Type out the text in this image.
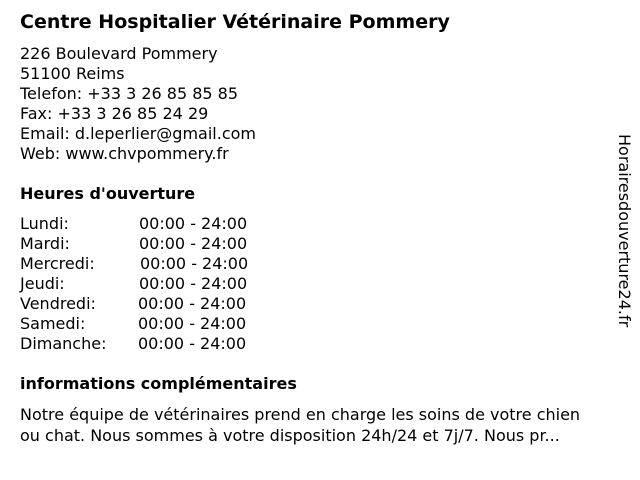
Centre Hospitalier Vétérinaire Pommery
226 Boulevard Pommery
51100 Reims
Telefon: +33 3 26 85 85 85
Fax: +33 3 26 85 24 29
Email: d.leperlier@gmail.com
Web: www.chvpommery.fr
Heures d'ouverture
Lundi:	00:00 - 24:00
Mardi:	00:00 - 24:00
Mercredi:	00:00 - 24:00
Jeudi:	00:00 - 24:00
Vendredi:	00:00 - 24:00
Samedi:	00:00 - 24:00
Dimanche: 00:00 - 24:00
informations complémentaires
Notre équipe de vétérinaires prend en charge les soins de votre chien
ou chat. Nous sommes à votre disposition 24h/24 et 7j/7. Nous pr...
Horairesdouverture24.fr
